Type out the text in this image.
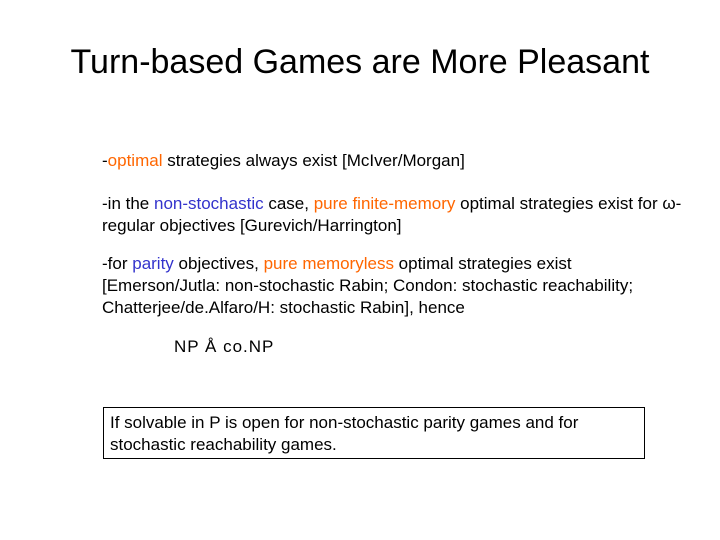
Turn-based Games are More Pleasant
-optimal strategies always exist [McIver/Morgan]
-in the non-stochastic case, pure finite-memory optimal strategies exist for ω-regular objectives [Gurevich/Harrington]
-for parity objectives, pure memoryless optimal strategies exist [Emerson/Jutla: non-stochastic Rabin; Condon: stochastic reachability; Chatterjee/de.Alfaro/H: stochastic Rabin], hence
NP Å co.NP
If solvable in P is open for non-stochastic parity games and for stochastic reachability games.
